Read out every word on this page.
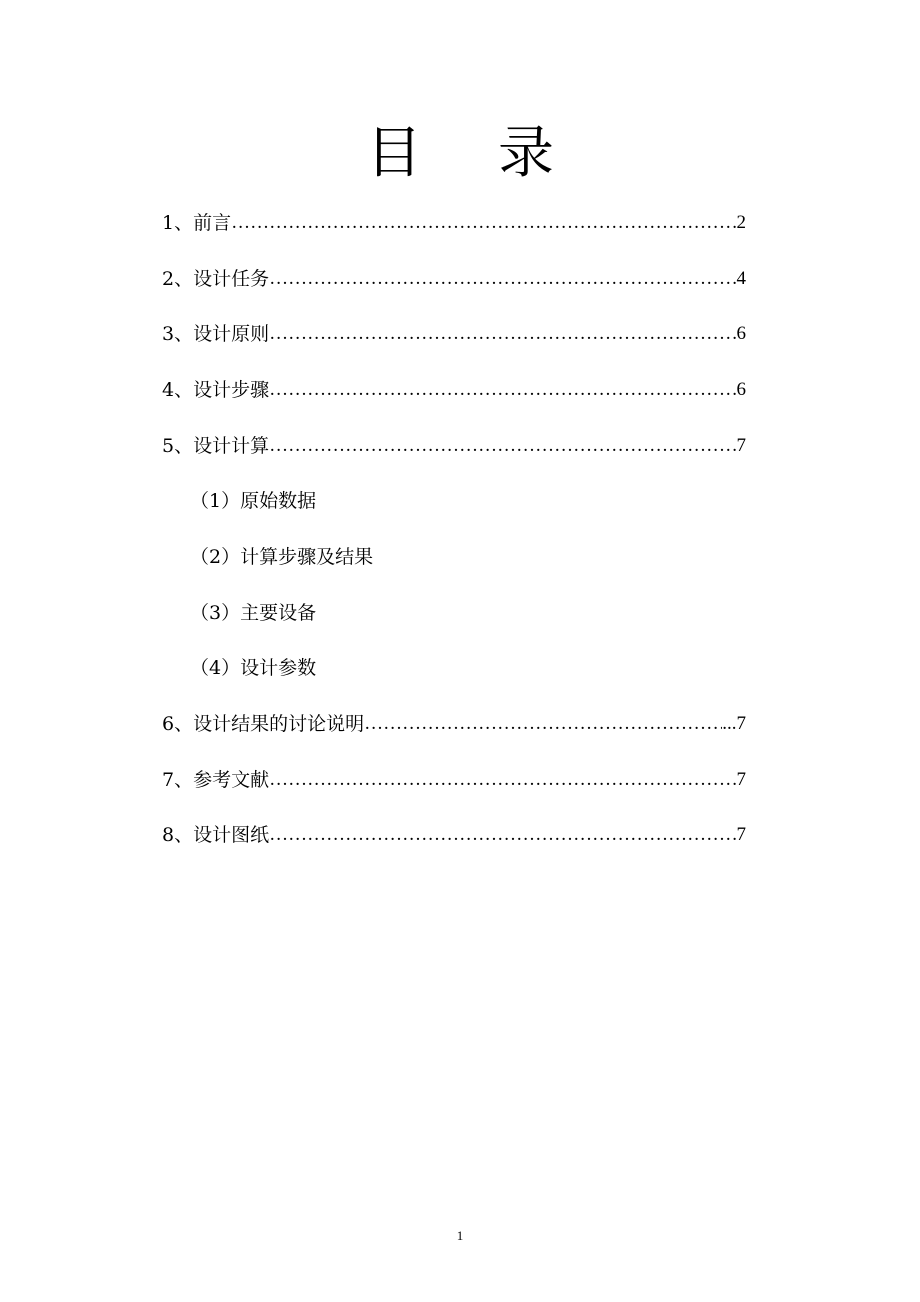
目录
1、前言 ……………………………………………………………………………………………………………………………………………………	2
2、设计任务 ……………………………………………………………………………………………………………………………………………………	4
3、设计原则 ……………………………………………………………………………………………………………………………………………………	6
4、设计步骤 ……………………………………………………………………………………………………………………………………………………	6
5、设计计算 ……………………………………………………………………………………………………………………………………………………	7
（1）原始数据
（2）计算步骤及结果
（3）主要设备
（4）设计参数
6、设计结果的讨论说明 ……………………………………………………………………………………………………………………………………………………	...7
7、参考文献 ……………………………………………………………………………………………………………………………………………………	7
8、设计图纸 ……………………………………………………………………………………………………………………………………………………	7
1
